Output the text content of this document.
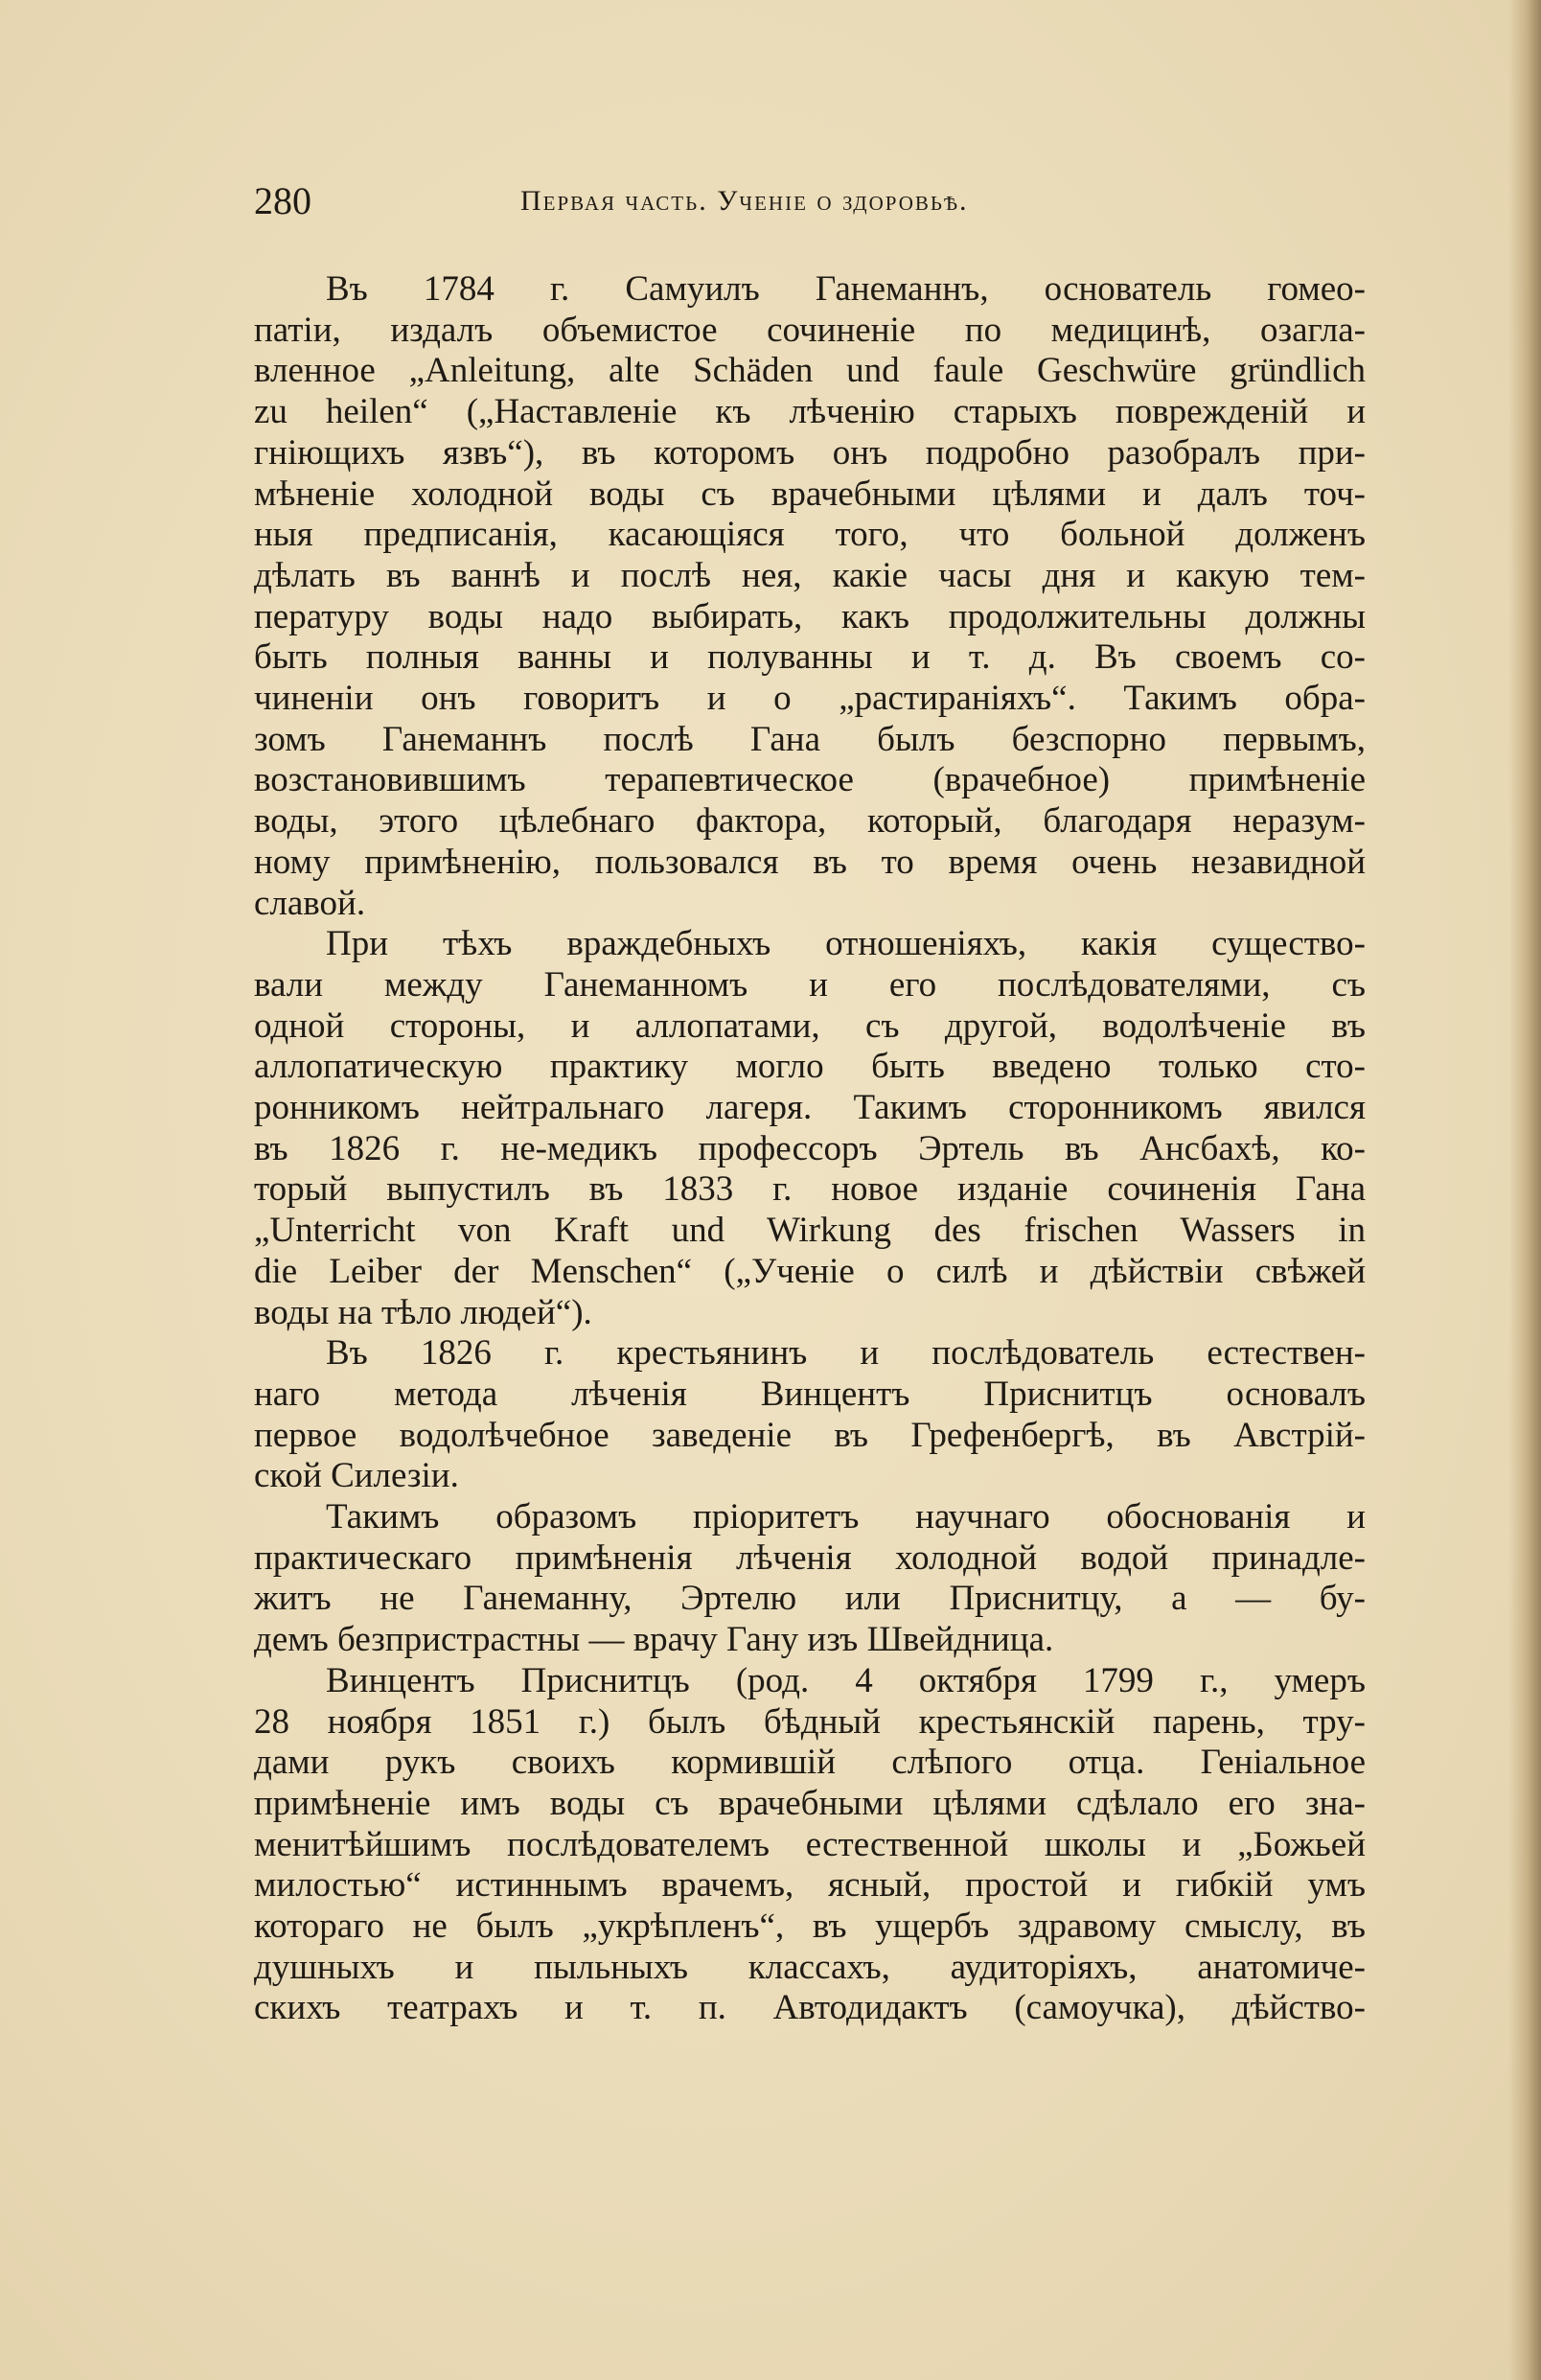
280	Первая часть. Ученіе о здоровьѣ.
Въ 1784 г. Самуилъ Ганеманнъ, основатель гомео-
патіи, издалъ объемистое сочиненіе по медицинѣ, озагла-
вленное „Anleitung, alte Schäden und faule Geschwüre gründlich
zu heilen“ („Наставленіе къ лѣченію старыхъ поврежденій и
гніющихъ язвъ“), въ которомъ онъ подробно разобралъ при-
мѣненіе холодной воды съ врачебными цѣлями и далъ точ-
ныя предписанія, касающіяся того, что больной долженъ
дѣлать въ ваннѣ и послѣ нея, какіе часы дня и какую тем-
пературу воды надо выбирать, какъ продолжительны должны
быть полныя ванны и полуванны и т. д. Въ своемъ со-
чиненіи онъ говоритъ и о „растираніяхъ“. Такимъ обра-
зомъ Ганеманнъ послѣ Гана былъ безспорно первымъ,
возстановившимъ терапевтическое (врачебное) примѣненіе
воды, этого цѣлебнаго фактора, который, благодаря неразум-
ному примѣненію, пользовался въ то время очень незавидной
славой.
При тѣхъ враждебныхъ отношеніяхъ, какія существо-
вали между Ганеманномъ и его послѣдователями, съ
одной стороны, и аллопатами, съ другой, водолѣченіе въ
аллопатическую практику могло быть введено только сто-
ронникомъ нейтральнаго лагеря. Такимъ сторонникомъ явился
въ 1826 г. не-медикъ профессоръ Эртель въ Ансбахѣ, ко-
торый выпустилъ въ 1833 г. новое изданіе сочиненія Гана
„Unterricht von Kraft und Wirkung des frischen Wassers in
die Leiber der Menschen“ („Ученіе о силѣ и дѣйствіи свѣжей
воды на тѣло людей“).
Въ 1826 г. крестьянинъ и послѣдователь естествен-
наго метода лѣченія Винцентъ Приснитцъ основалъ
первое водолѣчебное заведеніе въ Грефенбергѣ, въ Австрій-
ской Силезіи.
Такимъ образомъ пріоритетъ научнаго обоснованія и
практическаго примѣненія лѣченія холодной водой принадле-
житъ не Ганеманну, Эртелю или Приснитцу, а — бу-
демъ безпристрастны — врачу Гану изъ Швейдница.
Винцентъ Приснитцъ (род. 4 октября 1799 г., умеръ
28 ноября 1851 г.) былъ бѣдный крестьянскій парень, тру-
дами рукъ своихъ кормившій слѣпого отца. Геніальное
примѣненіе имъ воды съ врачебными цѣлями сдѣлало его зна-
менитѣйшимъ послѣдователемъ естественной школы и „Божьей
милостью“ истиннымъ врачемъ, ясный, простой и гибкій умъ
котораго не былъ „укрѣпленъ“, въ ущербъ здравому смыслу, въ
душныхъ и пыльныхъ классахъ, аудиторіяхъ, анатомиче-
скихъ театрахъ и т. п. Автодидактъ (самоучка), дѣйство-
